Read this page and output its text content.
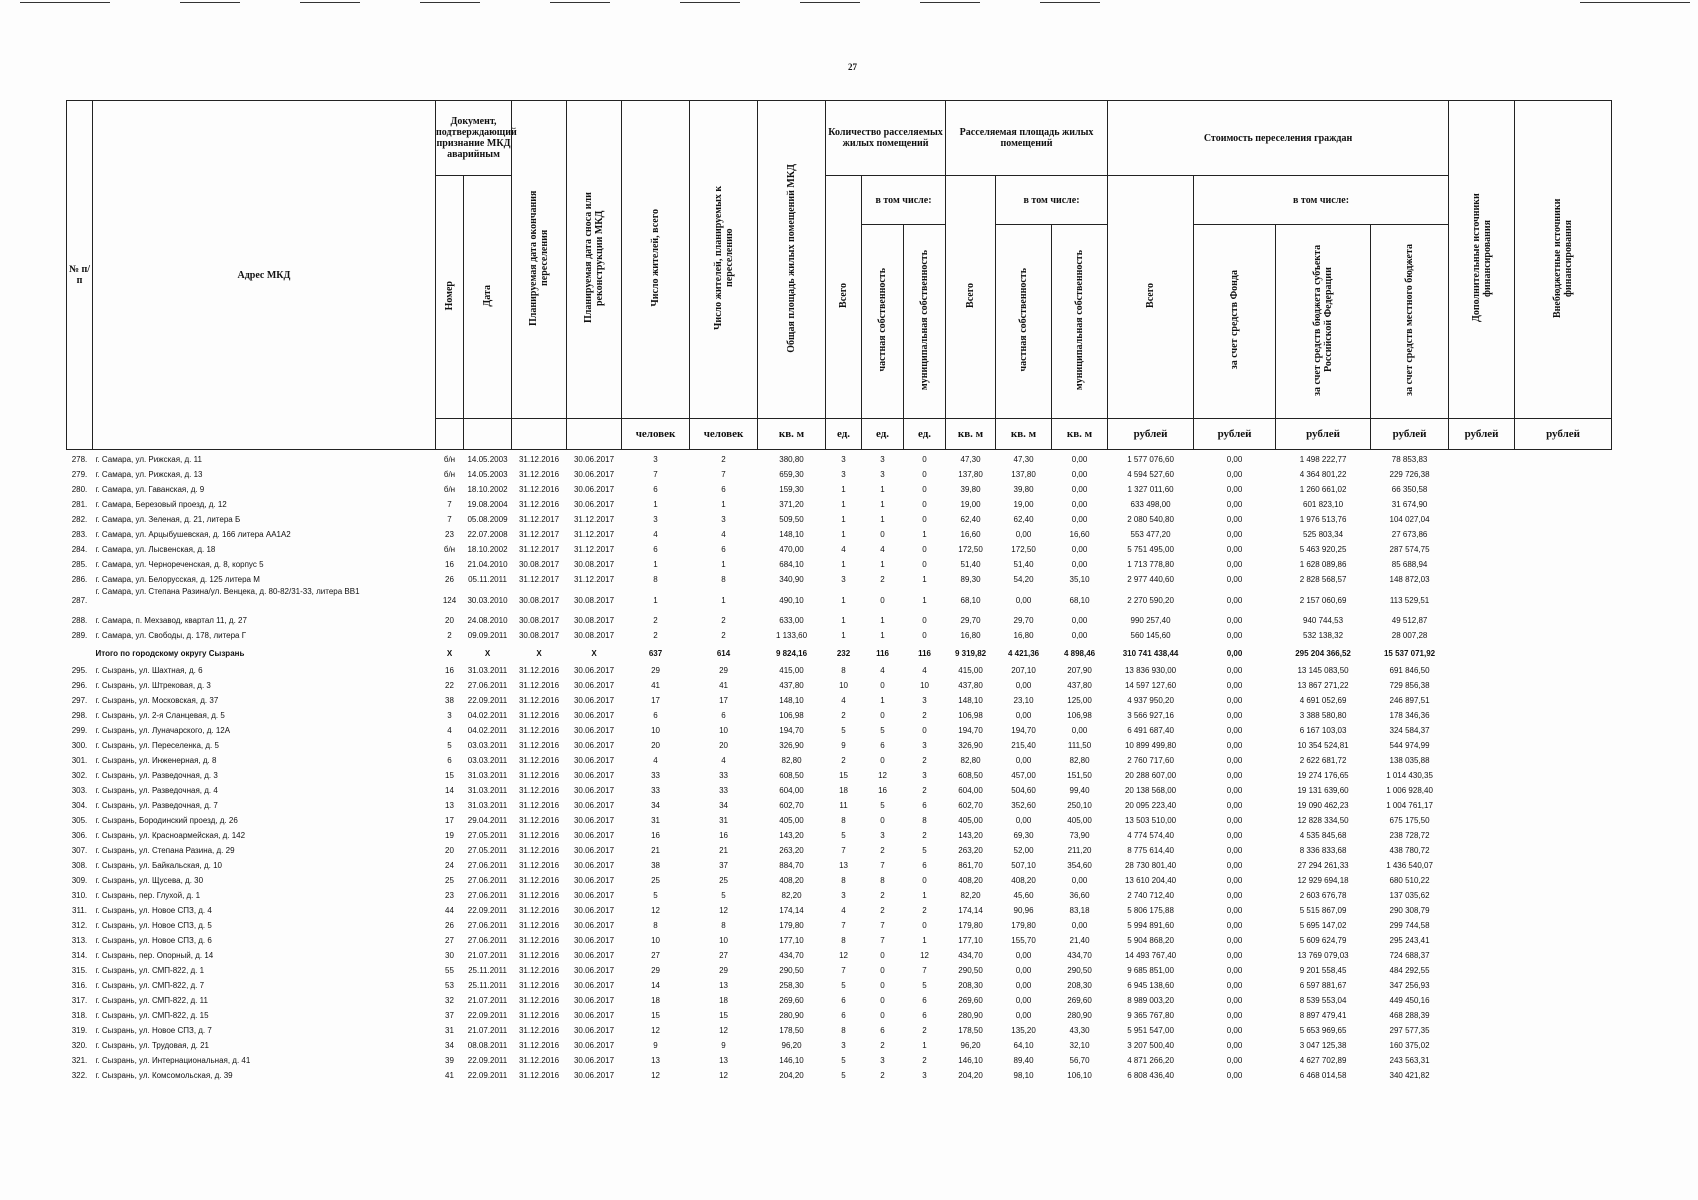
27
№ п/п	Адрес МКД	Документ, подтверждающий признание МКД аварийным		Планируемая дата окончания переселения	Планируемая дата сноса или реконструкции МКД	Число жителей, всего	Число жителей, планируемых к переселению	Общая площадь жилых помещений МКД	Количество расселяемых жилых помещений			Расселяемая площадь жилых помещений			Стоимость переселения граждан				Дополнительные источники финансирования	Внебюджетные источники финансирования
		Номер	Дата						Всего	в том числе:		Всего	в том числе:		Всего	в том числе:				
										частная собственность	муниципальная собственность		частная собственность	муниципальная собственность		за счет средств Фонда	за счет средств бюджета субъекта Российской Федерации	за счет средств местного бюджета		
						человек	человек	кв. м	ед.	ед.	ед.	кв. м	кв. м	кв. м	рублей	рублей	рублей	рублей	рублей	рублей
278.	г. Самара, ул. Рижская, д. 11	б/н	14.05.2003	31.12.2016	30.06.2017	3	2	380,80	3	3	0	47,30	47,30	0,00	1 577 076,60	0,00	1 498 222,77	78 853,83		
279.	г. Самара, ул. Рижская, д. 13	б/н	14.05.2003	31.12.2016	30.06.2017	7	7	659,30	3	3	0	137,80	137,80	0,00	4 594 527,60	0,00	4 364 801,22	229 726,38		
280.	г. Самара, ул. Гаванская, д. 9	б/н	18.10.2002	31.12.2016	30.06.2017	6	6	159,30	1	1	0	39,80	39,80	0,00	1 327 011,60	0,00	1 260 661,02	66 350,58		
281.	г. Самара, Березовый проезд, д. 12	7	19.08.2004	31.12.2016	30.06.2017	1	1	371,20	1	1	0	19,00	19,00	0,00	633 498,00	0,00	601 823,10	31 674,90		
282.	г. Самара, ул. Зеленая, д. 21, литера Б	7	05.08.2009	31.12.2017	31.12.2017	3	3	509,50	1	1	0	62,40	62,40	0,00	2 080 540,80	0,00	1 976 513,76	104 027,04		
283.	г. Самара, ул. Арцыбушевская, д. 166 литера АА1А2	23	22.07.2008	31.12.2017	31.12.2017	4	4	148,10	1	0	1	16,60	0,00	16,60	553 477,20	0,00	525 803,34	27 673,86		
284.	г. Самара, ул. Лысвенская, д. 18	б/н	18.10.2002	31.12.2017	31.12.2017	6	6	470,00	4	4	0	172,50	172,50	0,00	5 751 495,00	0,00	5 463 920,25	287 574,75		
285.	г. Самара, ул. Чернореченская, д. 8, корпус 5	16	21.04.2010	30.08.2017	30.08.2017	1	1	684,10	1	1	0	51,40	51,40	0,00	1 713 778,80	0,00	1 628 089,86	85 688,94		
286.	г. Самара, ул. Белорусская, д. 125 литера М	26	05.11.2011	31.12.2017	31.12.2017	8	8	340,90	3	2	1	89,30	54,20	35,10	2 977 440,60	0,00	2 828 568,57	148 872,03		
287.	г. Самара, ул. Степана Разина/ул. Венцека, д. 80-82/31-33, литера ВВ1	124	30.03.2010	30.08.2017	30.08.2017	1	1	490,10	1	0	1	68,10	0,00	68,10	2 270 590,20	0,00	2 157 060,69	113 529,51		
288.	г. Самара, п. Мехзавод, квартал 11, д. 27	20	24.08.2010	30.08.2017	30.08.2017	2	2	633,00	1	1	0	29,70	29,70	0,00	990 257,40	0,00	940 744,53	49 512,87		
289.	г. Самара, ул. Свободы, д. 178, литера Г	2	09.09.2011	30.08.2017	30.08.2017	2	2	1 133,60	1	1	0	16,80	16,80	0,00	560 145,60	0,00	532 138,32	28 007,28		
	Итого по городскому округу Сызрань	X	X	X	X	637	614	9 824,16	232	116	116	9 319,82	4 421,36	4 898,46	310 741 438,44	0,00	295 204 366,52	15 537 071,92		
295.	г. Сызрань, ул. Шахтная, д. 6	16	31.03.2011	31.12.2016	30.06.2017	29	29	415,00	8	4	4	415,00	207,10	207,90	13 836 930,00	0,00	13 145 083,50	691 846,50		
296.	г. Сызрань, ул. Штрековая, д. 3	22	27.06.2011	31.12.2016	30.06.2017	41	41	437,80	10	0	10	437,80	0,00	437,80	14 597 127,60	0,00	13 867 271,22	729 856,38		
297.	г. Сызрань, ул. Московская, д. 37	38	22.09.2011	31.12.2016	30.06.2017	17	17	148,10	4	1	3	148,10	23,10	125,00	4 937 950,20	0,00	4 691 052,69	246 897,51		
298.	г. Сызрань, ул. 2-я Сланцевая, д. 5	3	04.02.2011	31.12.2016	30.06.2017	6	6	106,98	2	0	2	106,98	0,00	106,98	3 566 927,16	0,00	3 388 580,80	178 346,36		
299.	г. Сызрань, ул. Луначарского, д. 12А	4	04.02.2011	31.12.2016	30.06.2017	10	10	194,70	5	5	0	194,70	194,70	0,00	6 491 687,40	0,00	6 167 103,03	324 584,37		
300.	г. Сызрань, ул. Переселенка, д. 5	5	03.03.2011	31.12.2016	30.06.2017	20	20	326,90	9	6	3	326,90	215,40	111,50	10 899 499,80	0,00	10 354 524,81	544 974,99		
301.	г. Сызрань, ул. Инженерная, д. 8	6	03.03.2011	31.12.2016	30.06.2017	4	4	82,80	2	0	2	82,80	0,00	82,80	2 760 717,60	0,00	2 622 681,72	138 035,88		
302.	г. Сызрань, ул. Разведочная, д. 3	15	31.03.2011	31.12.2016	30.06.2017	33	33	608,50	15	12	3	608,50	457,00	151,50	20 288 607,00	0,00	19 274 176,65	1 014 430,35		
303.	г. Сызрань, ул. Разведочная, д. 4	14	31.03.2011	31.12.2016	30.06.2017	33	33	604,00	18	16	2	604,00	504,60	99,40	20 138 568,00	0,00	19 131 639,60	1 006 928,40		
304.	г. Сызрань, ул. Разведочная, д. 7	13	31.03.2011	31.12.2016	30.06.2017	34	34	602,70	11	5	6	602,70	352,60	250,10	20 095 223,40	0,00	19 090 462,23	1 004 761,17		
305.	г. Сызрань, Бородинский проезд, д. 26	17	29.04.2011	31.12.2016	30.06.2017	31	31	405,00	8	0	8	405,00	0,00	405,00	13 503 510,00	0,00	12 828 334,50	675 175,50		
306.	г. Сызрань, ул. Красноармейская, д. 142	19	27.05.2011	31.12.2016	30.06.2017	16	16	143,20	5	3	2	143,20	69,30	73,90	4 774 574,40	0,00	4 535 845,68	238 728,72		
307.	г. Сызрань, ул. Степана Разина, д. 29	20	27.05.2011	31.12.2016	30.06.2017	21	21	263,20	7	2	5	263,20	52,00	211,20	8 775 614,40	0,00	8 336 833,68	438 780,72		
308.	г. Сызрань, ул. Байкальская, д. 10	24	27.06.2011	31.12.2016	30.06.2017	38	37	884,70	13	7	6	861,70	507,10	354,60	28 730 801,40	0,00	27 294 261,33	1 436 540,07		
309.	г. Сызрань, ул. Щусева, д. 30	25	27.06.2011	31.12.2016	30.06.2017	25	25	408,20	8	8	0	408,20	408,20	0,00	13 610 204,40	0,00	12 929 694,18	680 510,22		
310.	г. Сызрань, пер. Глухой, д. 1	23	27.06.2011	31.12.2016	30.06.2017	5	5	82,20	3	2	1	82,20	45,60	36,60	2 740 712,40	0,00	2 603 676,78	137 035,62		
311.	г. Сызрань, ул. Новое СПЗ, д. 4	44	22.09.2011	31.12.2016	30.06.2017	12	12	174,14	4	2	2	174,14	90,96	83,18	5 806 175,88	0,00	5 515 867,09	290 308,79		
312.	г. Сызрань, ул. Новое СПЗ, д. 5	26	27.06.2011	31.12.2016	30.06.2017	8	8	179,80	7	7	0	179,80	179,80	0,00	5 994 891,60	0,00	5 695 147,02	299 744,58		
313.	г. Сызрань, ул. Новое СПЗ, д. 6	27	27.06.2011	31.12.2016	30.06.2017	10	10	177,10	8	7	1	177,10	155,70	21,40	5 904 868,20	0,00	5 609 624,79	295 243,41		
314.	г. Сызрань, пер. Опорный, д. 14	30	21.07.2011	31.12.2016	30.06.2017	27	27	434,70	12	0	12	434,70	0,00	434,70	14 493 767,40	0,00	13 769 079,03	724 688,37		
315.	г. Сызрань, ул. СМП-822, д. 1	55	25.11.2011	31.12.2016	30.06.2017	29	29	290,50	7	0	7	290,50	0,00	290,50	9 685 851,00	0,00	9 201 558,45	484 292,55		
316.	г. Сызрань, ул. СМП-822, д. 7	53	25.11.2011	31.12.2016	30.06.2017	14	13	258,30	5	0	5	208,30	0,00	208,30	6 945 138,60	0,00	6 597 881,67	347 256,93		
317.	г. Сызрань, ул. СМП-822, д. 11	32	21.07.2011	31.12.2016	30.06.2017	18	18	269,60	6	0	6	269,60	0,00	269,60	8 989 003,20	0,00	8 539 553,04	449 450,16		
318.	г. Сызрань, ул. СМП-822, д. 15	37	22.09.2011	31.12.2016	30.06.2017	15	15	280,90	6	0	6	280,90	0,00	280,90	9 365 767,80	0,00	8 897 479,41	468 288,39		
319.	г. Сызрань, ул. Новое СПЗ, д. 7	31	21.07.2011	31.12.2016	30.06.2017	12	12	178,50	8	6	2	178,50	135,20	43,30	5 951 547,00	0,00	5 653 969,65	297 577,35		
320.	г. Сызрань, ул. Трудовая, д. 21	34	08.08.2011	31.12.2016	30.06.2017	9	9	96,20	3	2	1	96,20	64,10	32,10	3 207 500,40	0,00	3 047 125,38	160 375,02		
321.	г. Сызрань, ул. Интернациональная, д. 41	39	22.09.2011	31.12.2016	30.06.2017	13	13	146,10	5	3	2	146,10	89,40	56,70	4 871 266,20	0,00	4 627 702,89	243 563,31		
322.	г. Сызрань, ул. Комсомольская, д. 39	41	22.09.2011	31.12.2016	30.06.2017	12	12	204,20	5	2	3	204,20	98,10	106,10	6 808 436,40	0,00	6 468 014,58	340 421,82		
